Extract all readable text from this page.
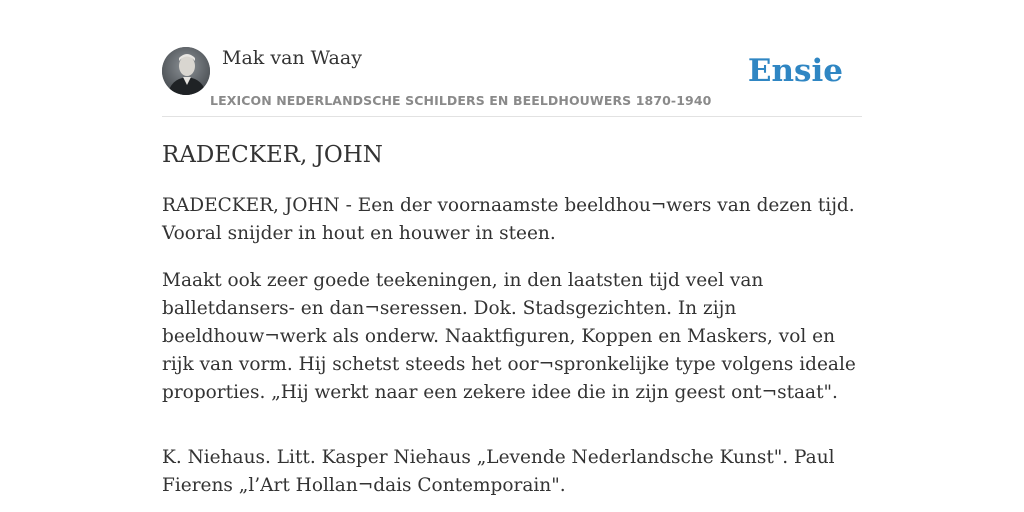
Mak van Waay
LEXICON NEDERLANDSCHE SCHILDERS EN BEELDHOUWERS 1870-1940
Ensie
RADECKER, JOHN

RADECKER, JOHN - Een der voornaamste beeldhou¬wers van dezen tijd. Vooral snijder in hout en houwer in steen.

Maakt ook zeer goede teekeningen, in den laatsten tijd veel van balletdansers- en dan¬seressen. Dok. Stadsgezichten. In zijn beeldhouw¬werk als onderw. Naaktfiguren, Koppen en Maskers, vol en rijk van vorm. Hij schetst steeds het oor¬spronkelijke type volgens ideale proporties. „Hij werkt naar een zekere idee die in zijn geest ont¬staat".

K. Niehaus. Litt. Kasper Niehaus „Levende Nederlandsche Kunst". Paul Fierens „l’Art Hollan¬dais Contemporain".
